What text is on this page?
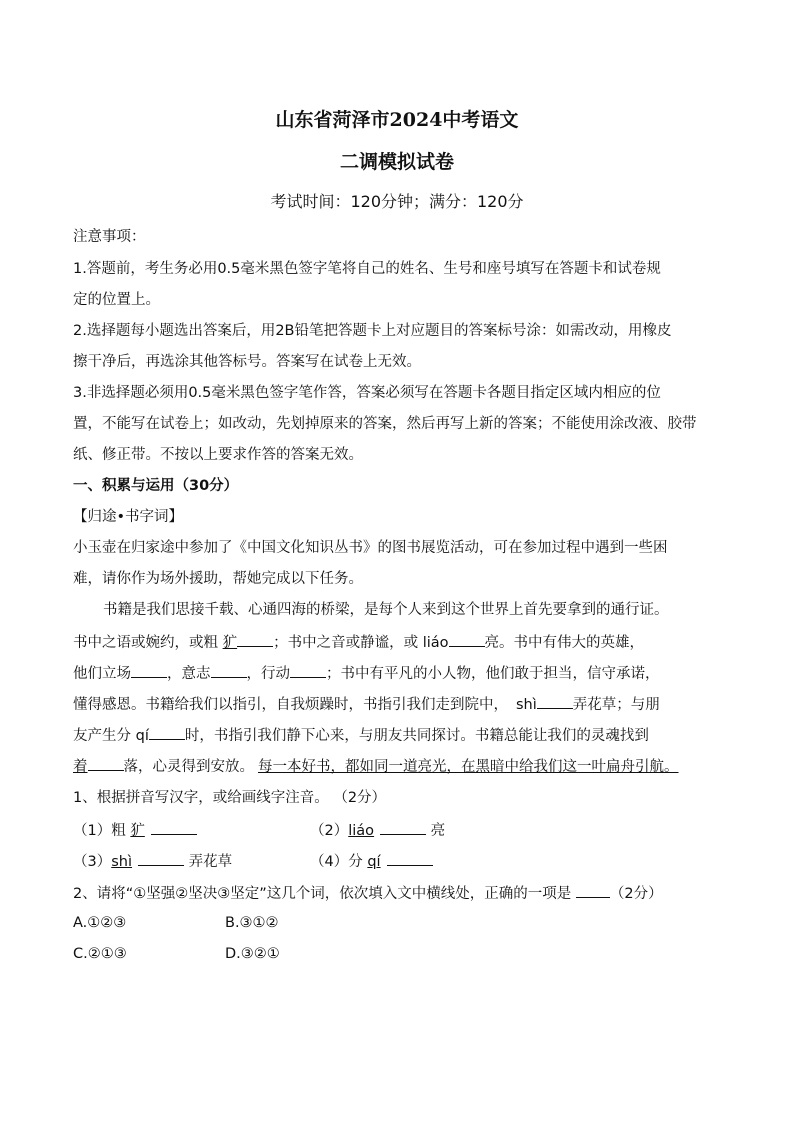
山东省菏泽市2024中考语文
二调模拟试卷
考试时间：120分钟；满分：120分
注意事项：
1.答题前，考生务必用0.5毫米黑色签字笔将自己的姓名、生号和座号填写在答题卡和试卷规
定的位置上。
2.选择题每小题选出答案后，用2B铅笔把答题卡上对应题目的答案标号涂：如需改动，用橡皮
擦干净后，再选涂其他答标号。答案写在试卷上无效。
3.非选择题必须用0.5毫米黑色签字笔作答，答案必须写在答题卡各题目指定区域内相应的位
置，不能写在试卷上；如改动，先划掉原来的答案，然后再写上新的答案；不能使用涂改液、胶带
纸、修正带。不按以上要求作答的答案无效。
一、积累与运用（30分）
【归途•书字词】
小玉壶在归家途中参加了《中国文化知识丛书》的图书展览活动，可在参加过程中遇到一些困
难，请你作为场外援助，帮她完成以下任务。
书籍是我们思接千载、心通四海的桥梁，是每个人来到这个世界上首先要拿到的通行证。
书中之语或婉约，或粗 犷 ；书中之音或静谧，或 liáo 亮。书中有伟大的英雄，
他们立场 ，意志 ，行动 ；书中有平凡的小人物，他们敢于担当，信守承诺，
懂得感恩。书籍给我们以指引，自我烦躁时，书指引我们走到院中， shì 弄花草；与朋
友产生分 qí 时，书指引我们静下心来，与朋友共同探讨。书籍总能让我们的灵魂找到
着 落，心灵得到安放。 每一本好书，都如同一道亮光，在黑暗中给我们这一叶扁舟引航。
1、根据拼音写汉字，或给画线字注音。 （2分）
（1）粗 犷	（2）liáo	亮
（3）shì	弄花草	（4）分 qí
2、请将“①坚强②坚决③坚定”这几个词，依次填入文中横线处，正确的一项是 （2分）
A.①②③	B.③①②
C.②①③	D.③②①
